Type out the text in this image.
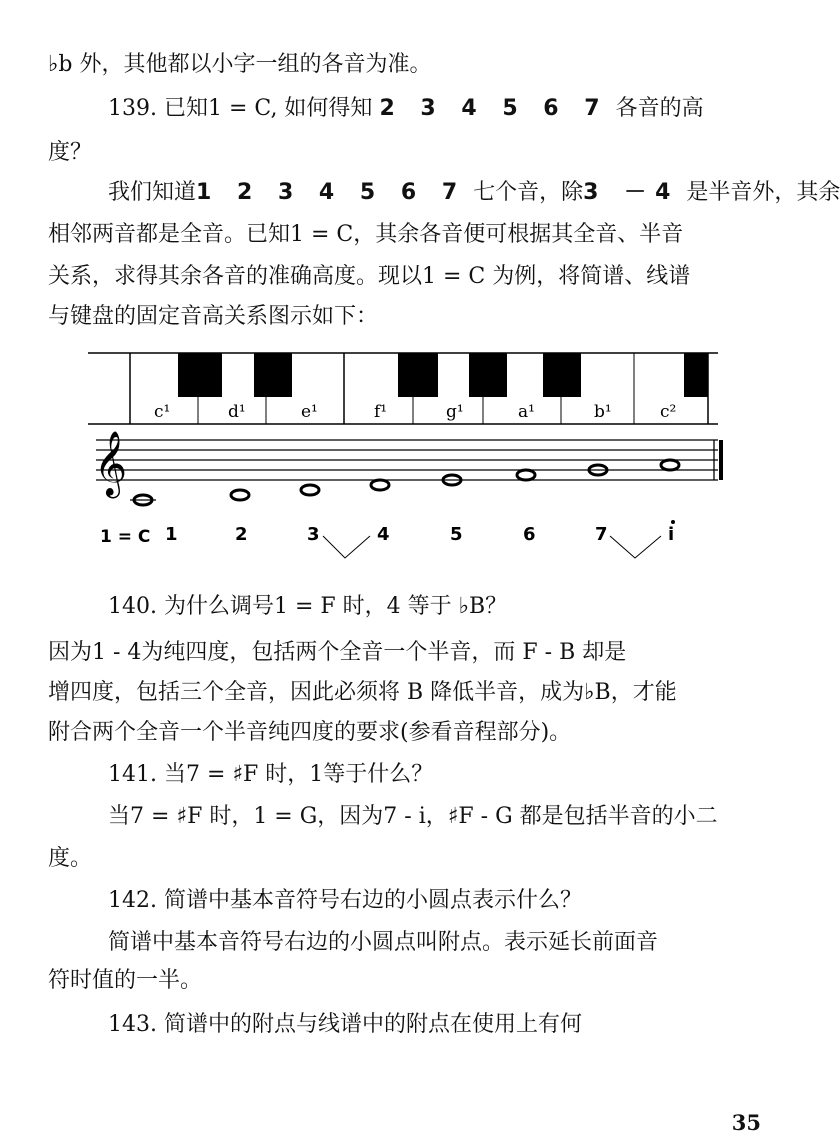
♭b 外，其他都以小字一组的各音为准。
139. 已知1 = C, 如何得知 2 3 4 5 6 7 各音的高
度？
我们知道1 2 3 4 5 6 7 七个音，除3 －4 是半音外，其余
相邻两音都是全音。已知1 = C，其余各音便可根据其全音、半音
关系，求得其余各音的准确高度。现以1 = C 为例，将简谱、线谱
与键盘的固定音高关系图示如下：
c¹	d¹	e¹	f¹	g¹	a¹	b¹	c²
𝄞
1 = C 1	2	3	4	5	6	7	i
140. 为什么调号1 = F 时，4 等于 ♭B？
因为1 - 4为纯四度，包括两个全音一个半音，而 F - B 却是
增四度，包括三个全音，因此必须将 B 降低半音，成为♭B，才能
附合两个全音一个半音纯四度的要求(参看音程部分)。
141. 当7 = ♯F 时，1等于什么？
当7 = ♯F 时，1 = G，因为7 - i，♯F - G 都是包括半音的小二
度。
142. 简谱中基本音符号右边的小圆点表示什么？
简谱中基本音符号右边的小圆点叫附点。表示延长前面音
符时值的一半。
143. 简谱中的附点与线谱中的附点在使用上有何
35
